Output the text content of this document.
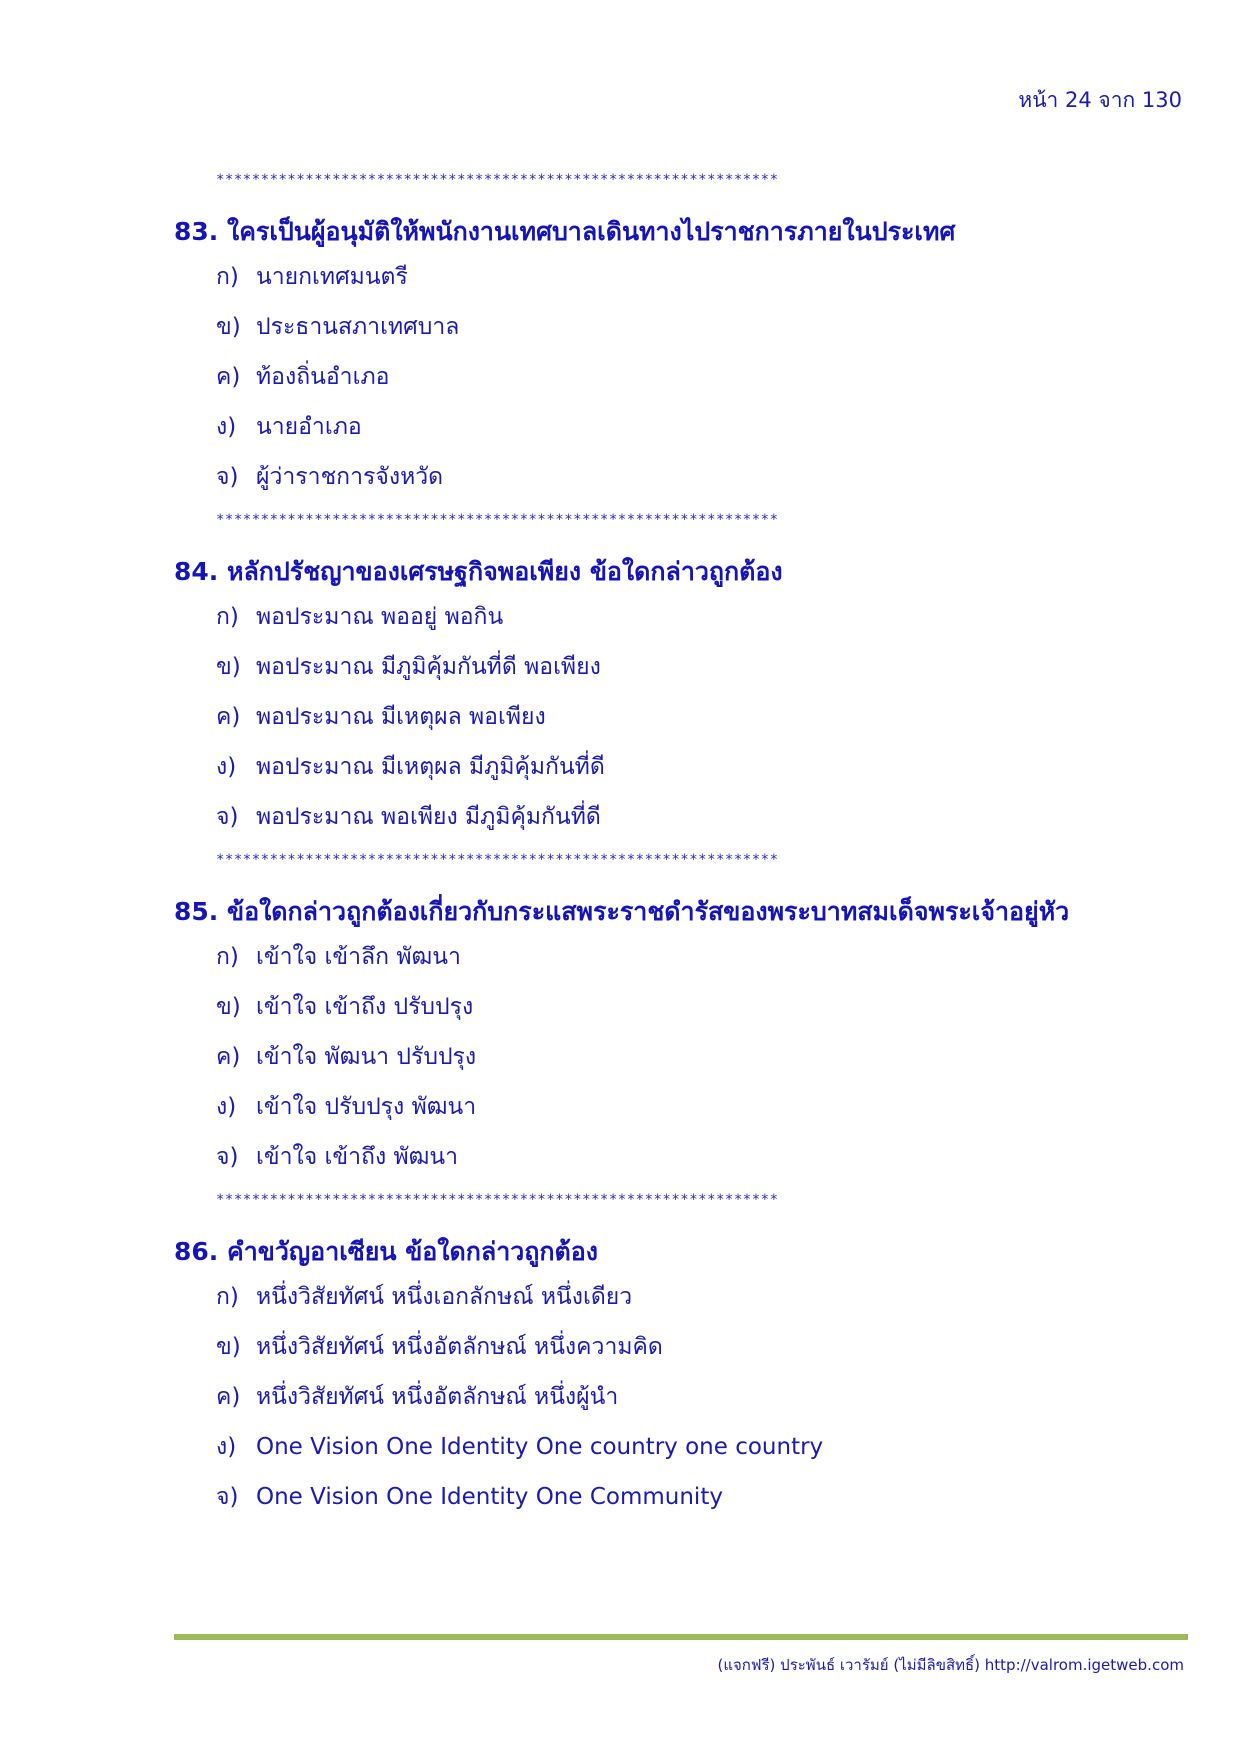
หน้า 24 จาก 130
***************************************************************
83. ใครเป็นผู้อนุมัติให้พนักงานเทศบาลเดินทางไปราชการภายในประเทศ
ก) นายกเทศมนตรี
ข) ประธานสภาเทศบาล
ค) ท้องถิ่นอำเภอ
ง) นายอำเภอ
จ) ผู้ว่าราชการจังหวัด
***************************************************************
84. หลักปรัชญาของเศรษฐกิจพอเพียง ข้อใดกล่าวถูกต้อง
ก) พอประมาณ พออยู่ พอกิน
ข) พอประมาณ มีภูมิคุ้มกันที่ดี พอเพียง
ค) พอประมาณ มีเหตุผล พอเพียง
ง) พอประมาณ มีเหตุผล มีภูมิคุ้มกันที่ดี
จ) พอประมาณ พอเพียง มีภูมิคุ้มกันที่ดี
***************************************************************
85. ข้อใดกล่าวถูกต้องเกี่ยวกับกระแสพระราชดำรัสของพระบาทสมเด็จพระเจ้าอยู่หัว
ก) เข้าใจ เข้าลึก พัฒนา
ข) เข้าใจ เข้าถึง ปรับปรุง
ค) เข้าใจ พัฒนา ปรับปรุง
ง) เข้าใจ ปรับปรุง พัฒนา
จ) เข้าใจ เข้าถึง พัฒนา
***************************************************************
86. คำขวัญอาเซียน ข้อใดกล่าวถูกต้อง
ก) หนึ่งวิสัยทัศน์ หนึ่งเอกลักษณ์ หนึ่งเดียว
ข) หนึ่งวิสัยทัศน์ หนึ่งอัตลักษณ์ หนึ่งความคิด
ค) หนึ่งวิสัยทัศน์ หนึ่งอัตลักษณ์ หนึ่งผู้นำ
ง) One Vision One Identity One country one country
จ) One Vision One Identity One Community
(แจกฟรี) ประพันธ์ เวารัมย์ (ไม่มีลิขสิทธิ์) http://valrom.igetweb.com
